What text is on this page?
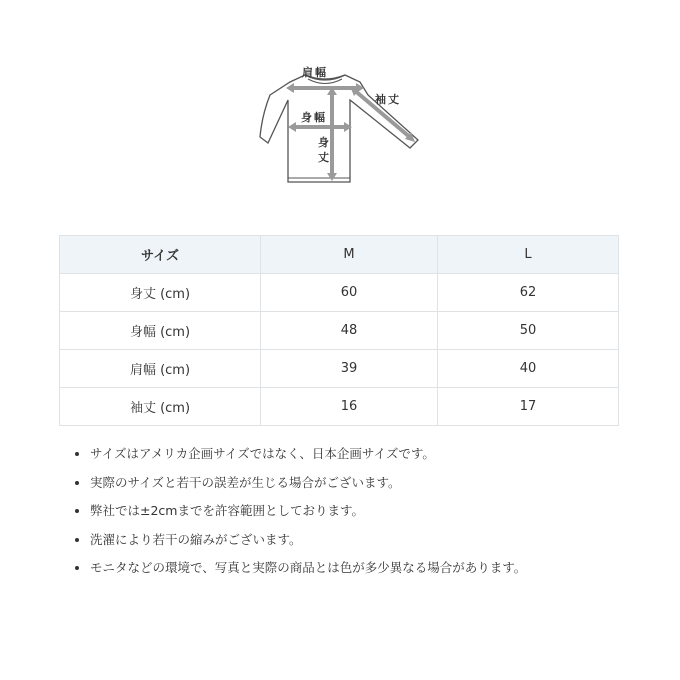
肩幅
袖丈
身幅
身
丈
サイズ	M	L
身丈 (cm)	60	62
身幅 (cm)	48	50
肩幅 (cm)	39	40
袖丈 (cm)	16	17
• サイズはアメリカ企画サイズではなく、日本企画サイズです。
• 実際のサイズと若干の誤差が生じる場合がございます。
• 弊社では±2cmまでを許容範囲としております。
• 洗濯により若干の縮みがございます。
• モニタなどの環境で、写真と実際の商品とは色が多少異なる場合があります。
